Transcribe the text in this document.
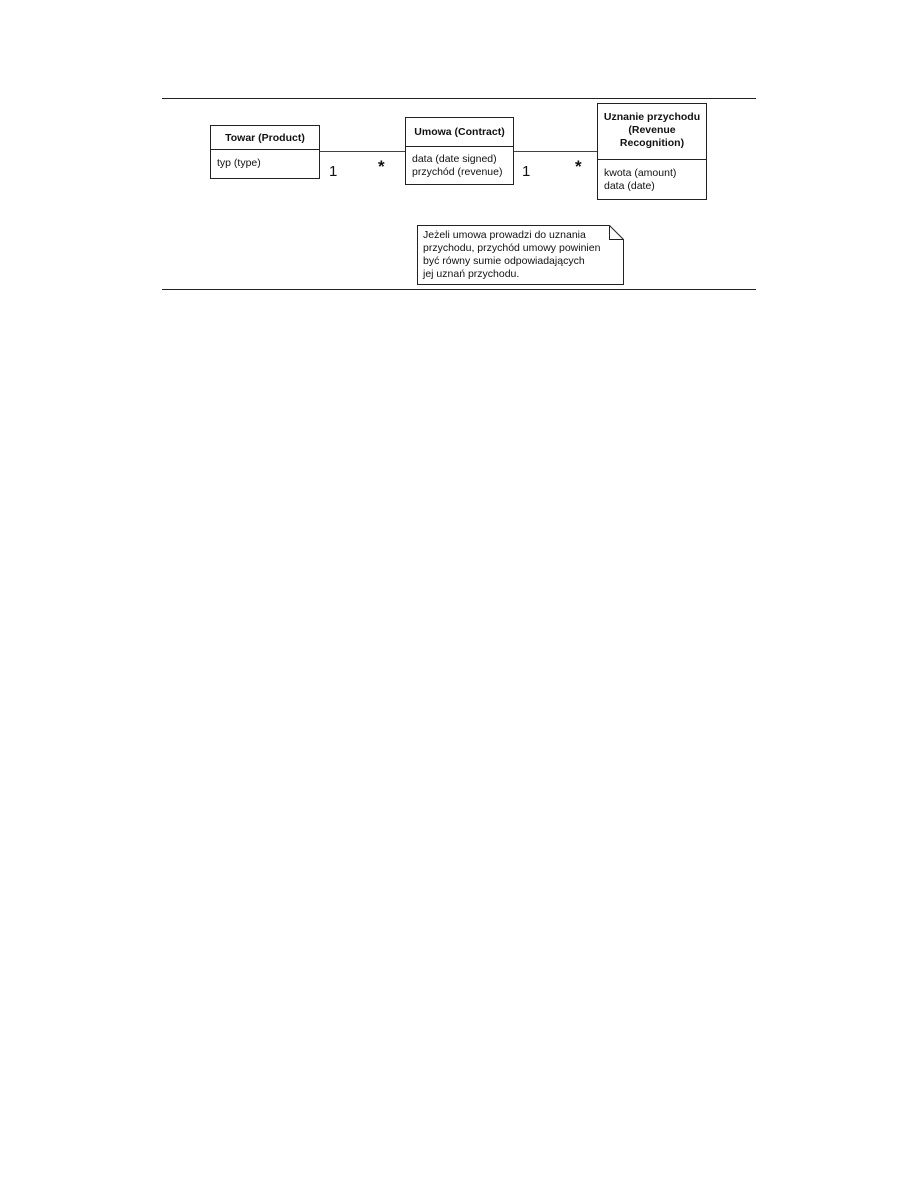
Towar (Product)
typ (type)
Umowa (Contract)
data (date signed)
przychód (revenue)
Uznanie przychodu
(Revenue
Recognition)
kwota (amount)
data (date)
1 *	1	*
Jeżeli umowa prowadzi do uznania
przychodu, przychód umowy powinien
być równy sumie odpowiadających
jej uznań przychodu.
